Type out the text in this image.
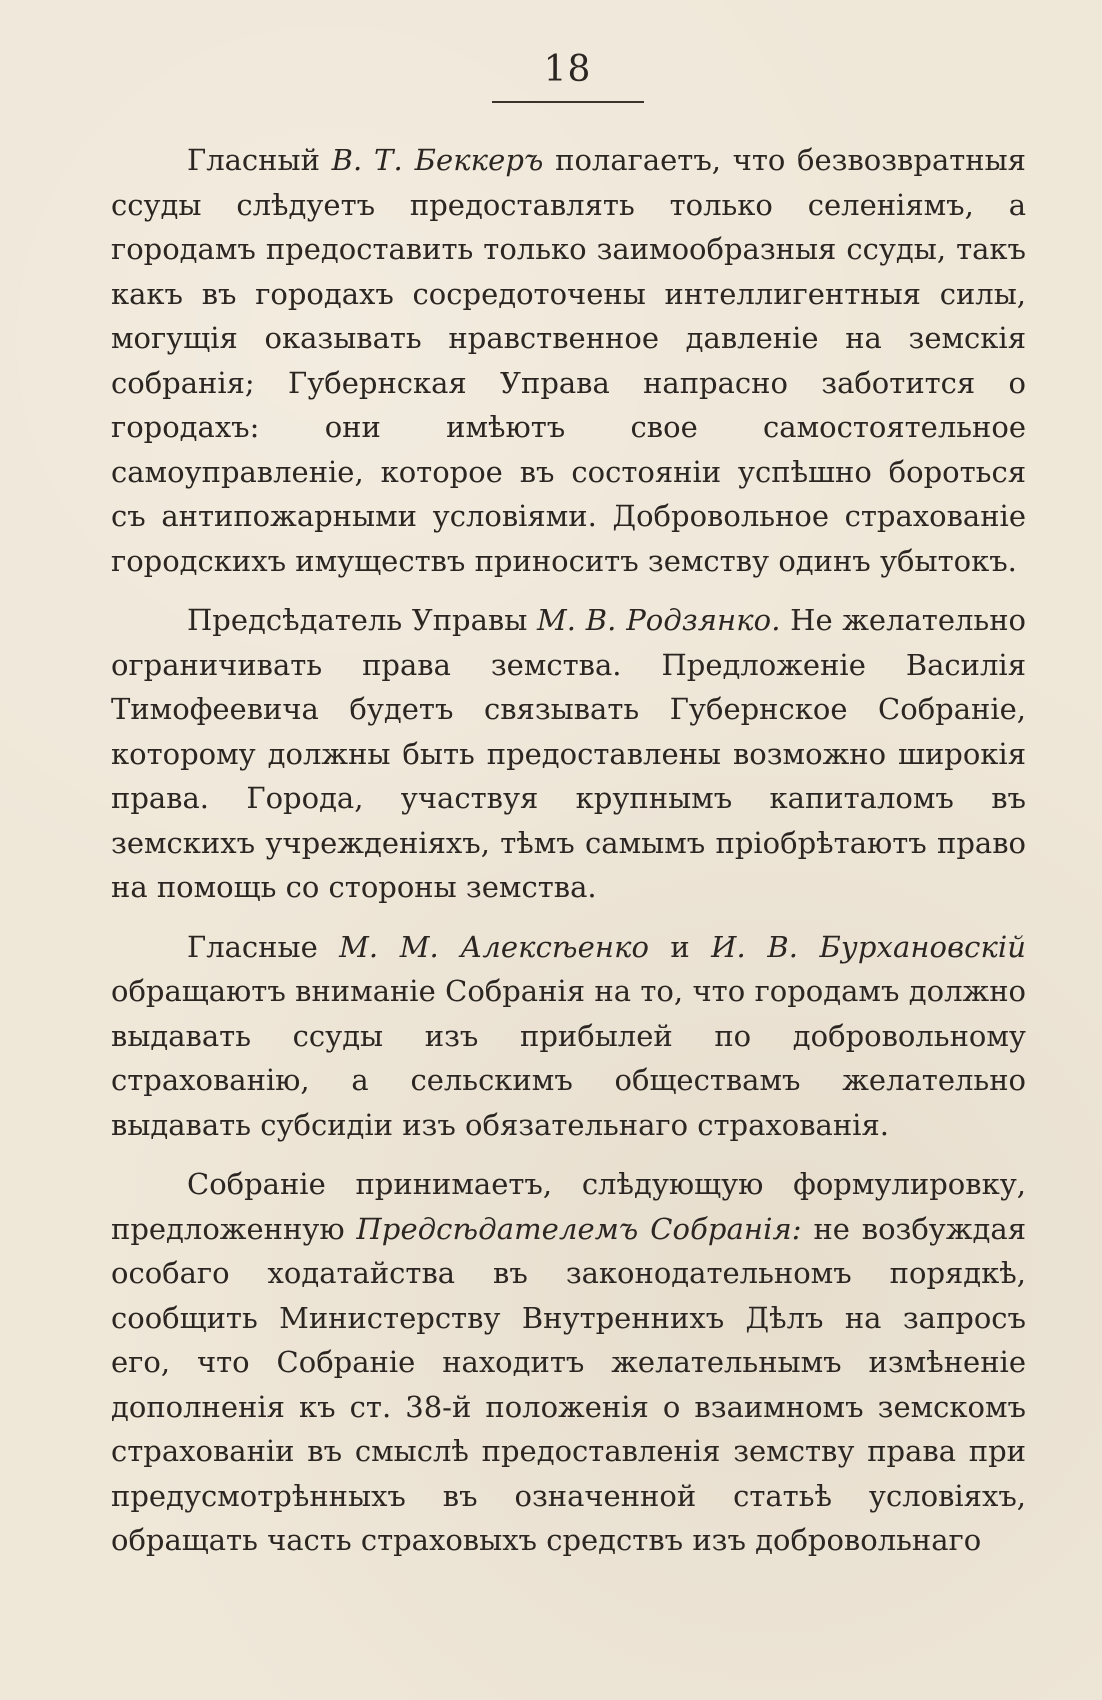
18

Гласный В. Т. Беккеръ полагаетъ, что безвозвратныя ссуды слѣдуетъ предоставлять только селеніямъ, а городамъ предоставить только заимообразныя ссуды, такъ какъ въ городахъ сосредоточены интеллигентныя силы, могущія оказывать нравственное давленіе на земскія собранія; Губернская Управа напрасно заботится о городахъ: они имѣютъ свое самостоятельное самоуправленіе, которое въ состояніи успѣшно бороться съ антипожарными условіями. Добровольное страхованіе городскихъ имуществъ приноситъ земству одинъ убытокъ.

Предсѣдатель Управы М. В. Родзянко. Не желательно ограничивать права земства. Предложеніе Василія Тимофеевича будетъ связывать Губернское Собраніе, которому должны быть предоставлены возможно широкія права. Города, участвуя крупнымъ капиталомъ въ земскихъ учрежденіяхъ, тѣмъ самымъ пріобрѣтаютъ право на помощь со стороны земства.

Гласные М. М. Алексѣенко и И. В. Бурхановскій обращаютъ вниманіе Собранія на то, что городамъ должно выдавать ссуды изъ прибылей по добровольному страхованію, а сельскимъ обществамъ желательно выдавать субсидіи изъ обязательнаго страхованія.

Собраніе принимаетъ, слѣдующую формулировку, предложенную Предсѣдателемъ Собранія: не возбуждая особаго ходатайства въ законодательномъ порядкѣ, сообщить Министерству Внутреннихъ Дѣлъ на запросъ его, что Собраніе находитъ желательнымъ измѣненіе дополненія къ ст. 38-й положенія о взаимномъ земскомъ страхованіи въ смыслѣ предоставленія земству права при предусмотрѣнныхъ въ означенной статьѣ условіяхъ, обращать часть страховыхъ средствъ изъ добровольнаго
